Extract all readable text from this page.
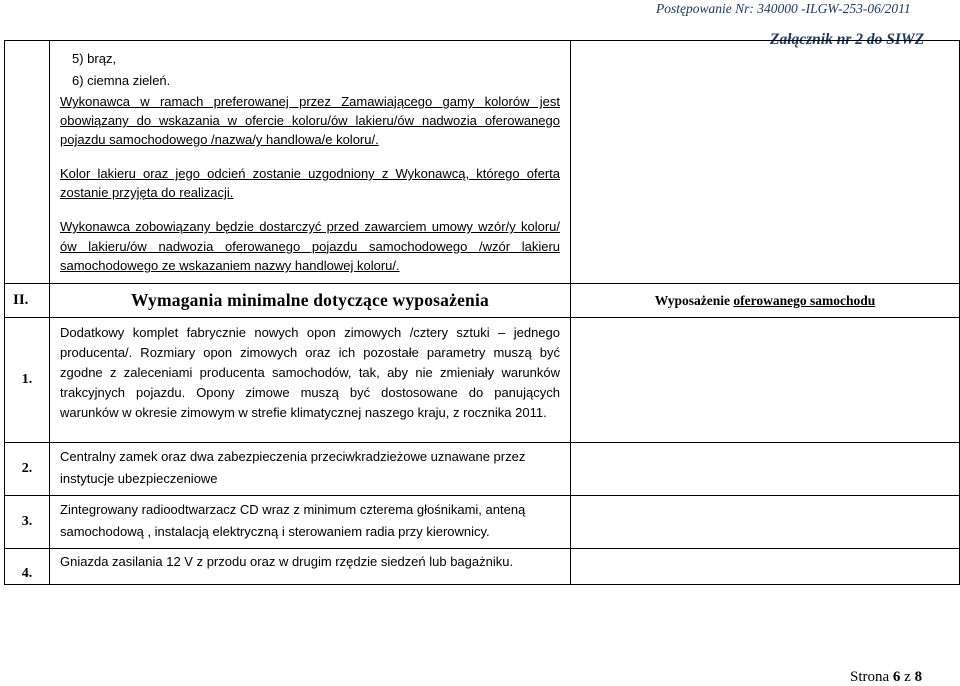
Postępowanie Nr: 340000 -ILGW-253-06/2011
Załącznik nr 2 do SIWZ

	5) brąz,
6) ciemna zieleń.
Wykonawca w ramach preferowanej przez Zamawiającego gamy kolorów jest obowiązany do wskazania w ofercie koloru/ów lakieru/ów nadwozia oferowanego pojazdu samochodowego /nazwa/y handlowa/e koloru/.
Kolor lakieru oraz jego odcień zostanie uzgodniony z Wykonawcą, którego oferta zostanie przyjęta do realizacji.
Wykonawca zobowiązany będzie dostarczyć przed zawarciem umowy wzór/y koloru/ów lakieru/ów nadwozia oferowanego pojazdu samochodowego /wzór lakieru samochodowego ze wskazaniem nazwy handlowej koloru/.	

II.	Wymagania minimalne dotyczące wyposażenia	Wyposażenie oferowanego samochodu
1.	Dodatkowy komplet fabrycznie nowych opon zimowych /cztery sztuki – jednego producenta/. Rozmiary opon zimowych oraz ich pozostałe parametry muszą być zgodne z zaleceniami producenta samochodów, tak, aby nie zmieniały warunków trakcyjnych pojazdu. Opony zimowe muszą być dostosowane do panujących warunków w okresie zimowym w strefie klimatycznej naszego kraju, z rocznika 2011.	
2.	Centralny zamek oraz dwa zabezpieczenia przeciwkradzieżowe uznawane przez instytucje ubezpieczeniowe	
3.	Zintegrowany radioodtwarzacz CD wraz z minimum czterema głośnikami, anteną samochodową , instalacją elektryczną i sterowaniem radia przy kierownicy.	
4.	Gniazda zasilania 12 V z przodu oraz w drugim rzędzie siedzeń lub bagażniku.	
Strona 6 z 8
